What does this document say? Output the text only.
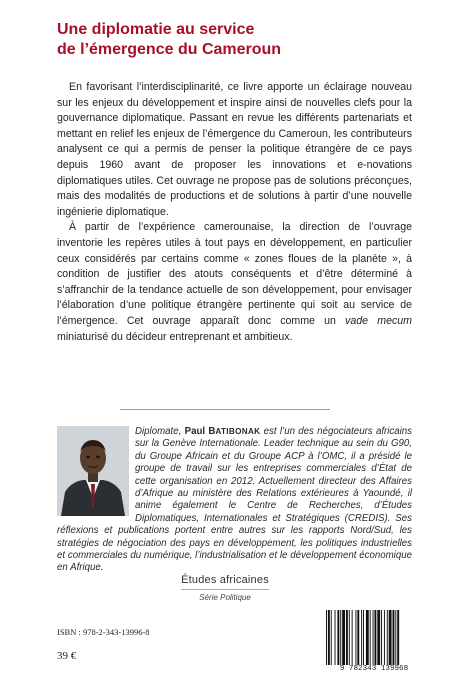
Une diplomatie au service
de l’émergence du Cameroun

En favorisant l’interdisciplinarité, ce livre apporte un éclairage nouveau sur les enjeux du développement et inspire ainsi de nouvelles clefs pour la gouvernance diplomatique. Passant en revue les différents partenariats et mettant en relief les enjeux de l’émergence du Cameroun, les contributeurs analysent ce qui a permis de penser la politique étrangère de ce pays depuis 1960 avant de proposer les innovations et e-novations diplomatiques utiles. Cet ouvrage ne propose pas de solutions préconçues, mais des modalités de productions et de solutions à partir d’une nouvelle ingénierie diplomatique.

À partir de l’expérience camerounaise, la direction de l’ouvrage inventorie les repères utiles à tout pays en développement, en particulier ceux considérés par certains comme « zones floues de la planète », à condition de justifier des atouts conséquents et d’être déterminé à s’affranchir de la tendance actuelle de son développement, pour envisager l’élaboration d’une politique étrangère pertinente qui soit au service de l’émergence. Cet ouvrage apparaît donc comme un vade mecum miniaturisé du décideur entreprenant et ambitieux.

Diplomate, Paul BATIBONAK est l’un des négociateurs africains sur la Genève Internationale. Leader technique au sein du G90, du Groupe Africain et du Groupe ACP à l’OMC, il a présidé le groupe de travail sur les entreprises commerciales d’État de cette organisation en 2012. Actuellement directeur des Affaires d’Afrique au ministère des Relations extérieures à Yaoundé, il anime également le Centre de Recherches, d’Études Diplomatiques, Internationales et Stratégiques (CREDIS). Ses réflexions et publications portent entre autres sur les rapports Nord/Sud, les stratégies de négociation des pays en développement, les politiques industrielles et commerciales du numérique, l’industrialisation et le développement économique en Afrique.
Études africaines
Série Politique
ISBN : 978-2-343-13996-8
39 €
9 782343 139968
